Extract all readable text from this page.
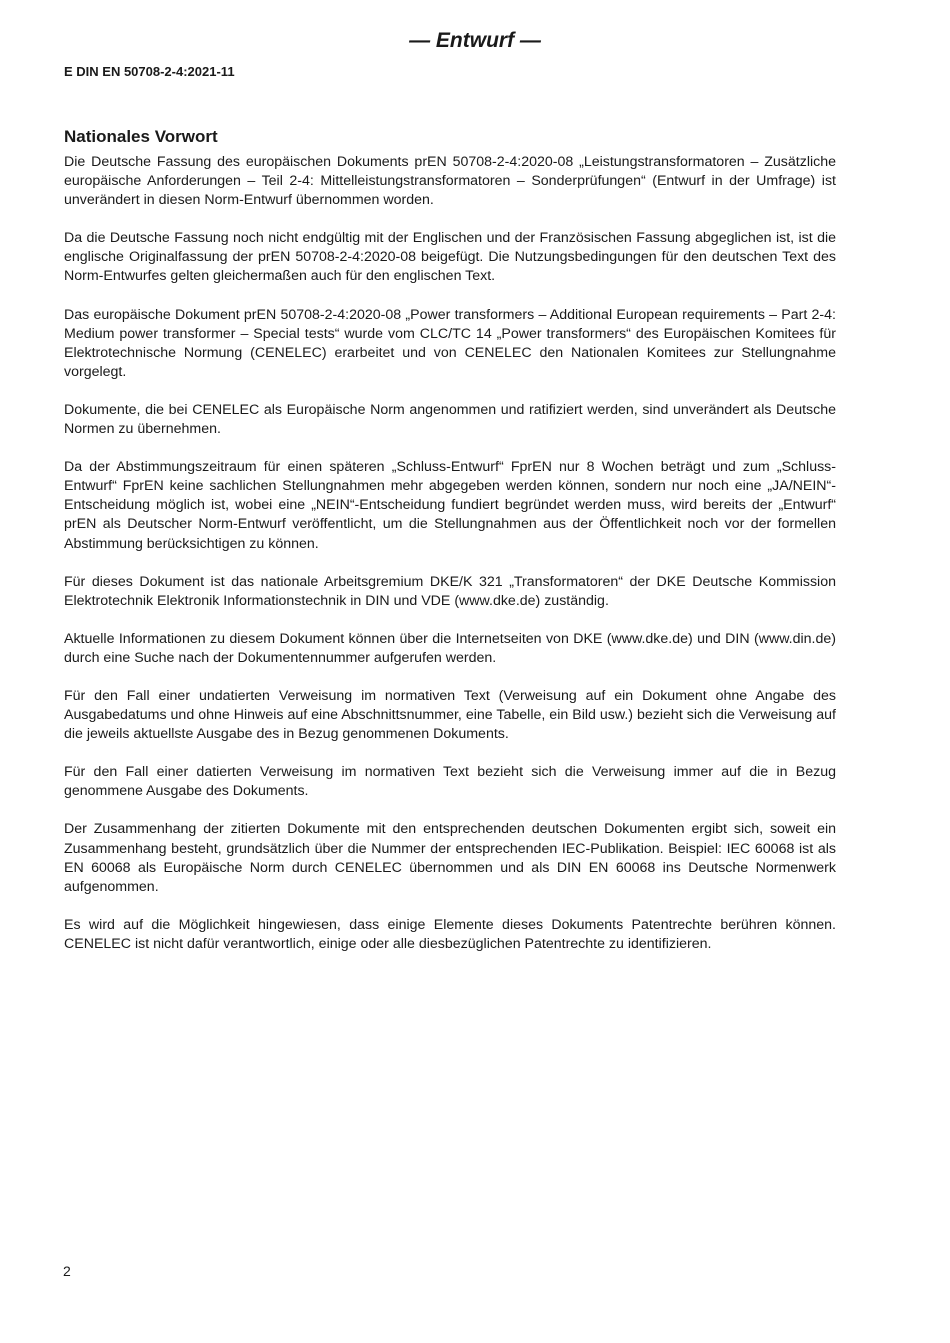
— Entwurf —
E DIN EN 50708-2-4:2021-11
Nationales Vorwort

Die Deutsche Fassung des europäischen Dokuments prEN 50708-2-4:2020-08 „Leistungstransformatoren – Zusätzliche europäische Anforderungen – Teil 2-4: Mittelleistungstransformatoren – Sonderprüfungen“ (Entwurf in der Umfrage) ist unverändert in diesen Norm-Entwurf übernommen worden.

Da die Deutsche Fassung noch nicht endgültig mit der Englischen und der Französischen Fassung abgeglichen ist, ist die englische Originalfassung der prEN 50708-2-4:2020-08 beigefügt. Die Nutzungsbedingungen für den deutschen Text des Norm-Entwurfes gelten gleichermaßen auch für den englischen Text.

Das europäische Dokument prEN 50708-2-4:2020-08 „Power transformers – Additional European requirements – Part 2-4: Medium power transformer – Special tests“ wurde vom CLC/TC 14 „Power transformers“ des Europäischen Komitees für Elektrotechnische Normung (CENELEC) erarbeitet und von CENELEC den Nationalen Komitees zur Stellungnahme vorgelegt.

Dokumente, die bei CENELEC als Europäische Norm angenommen und ratifiziert werden, sind unverändert als Deutsche Normen zu übernehmen.

Da der Abstimmungszeitraum für einen späteren „Schluss-Entwurf“ FprEN nur 8 Wochen beträgt und zum „Schluss-Entwurf“ FprEN keine sachlichen Stellungnahmen mehr abgegeben werden können, sondern nur noch eine „JA/NEIN“-Entscheidung möglich ist, wobei eine „NEIN“-Entscheidung fundiert begründet werden muss, wird bereits der „Entwurf“ prEN als Deutscher Norm-Entwurf veröffentlicht, um die Stellungnahmen aus der Öffentlichkeit noch vor der formellen Abstimmung berücksichtigen zu können.

Für dieses Dokument ist das nationale Arbeitsgremium DKE/K 321 „Transformatoren“ der DKE Deutsche Kommission Elektrotechnik Elektronik Informationstechnik in DIN und VDE (www.dke.de) zuständig.

Aktuelle Informationen zu diesem Dokument können über die Internetseiten von DKE (www.dke.de) und DIN (www.din.de) durch eine Suche nach der Dokumentennummer aufgerufen werden.

Für den Fall einer undatierten Verweisung im normativen Text (Verweisung auf ein Dokument ohne Angabe des Ausgabedatums und ohne Hinweis auf eine Abschnittsnummer, eine Tabelle, ein Bild usw.) bezieht sich die Verweisung auf die jeweils aktuellste Ausgabe des in Bezug genommenen Dokuments.

Für den Fall einer datierten Verweisung im normativen Text bezieht sich die Verweisung immer auf die in Bezug genommene Ausgabe des Dokuments.

Der Zusammenhang der zitierten Dokumente mit den entsprechenden deutschen Dokumenten ergibt sich, soweit ein Zusammenhang besteht, grundsätzlich über die Nummer der entsprechenden IEC-Publikation. Beispiel: IEC 60068 ist als EN 60068 als Europäische Norm durch CENELEC übernommen und als DIN EN 60068 ins Deutsche Normenwerk aufgenommen.

Es wird auf die Möglichkeit hingewiesen, dass einige Elemente dieses Dokuments Patentrechte berühren können. CENELEC ist nicht dafür verantwortlich, einige oder alle diesbezüglichen Patentrechte zu identifizieren.

2
